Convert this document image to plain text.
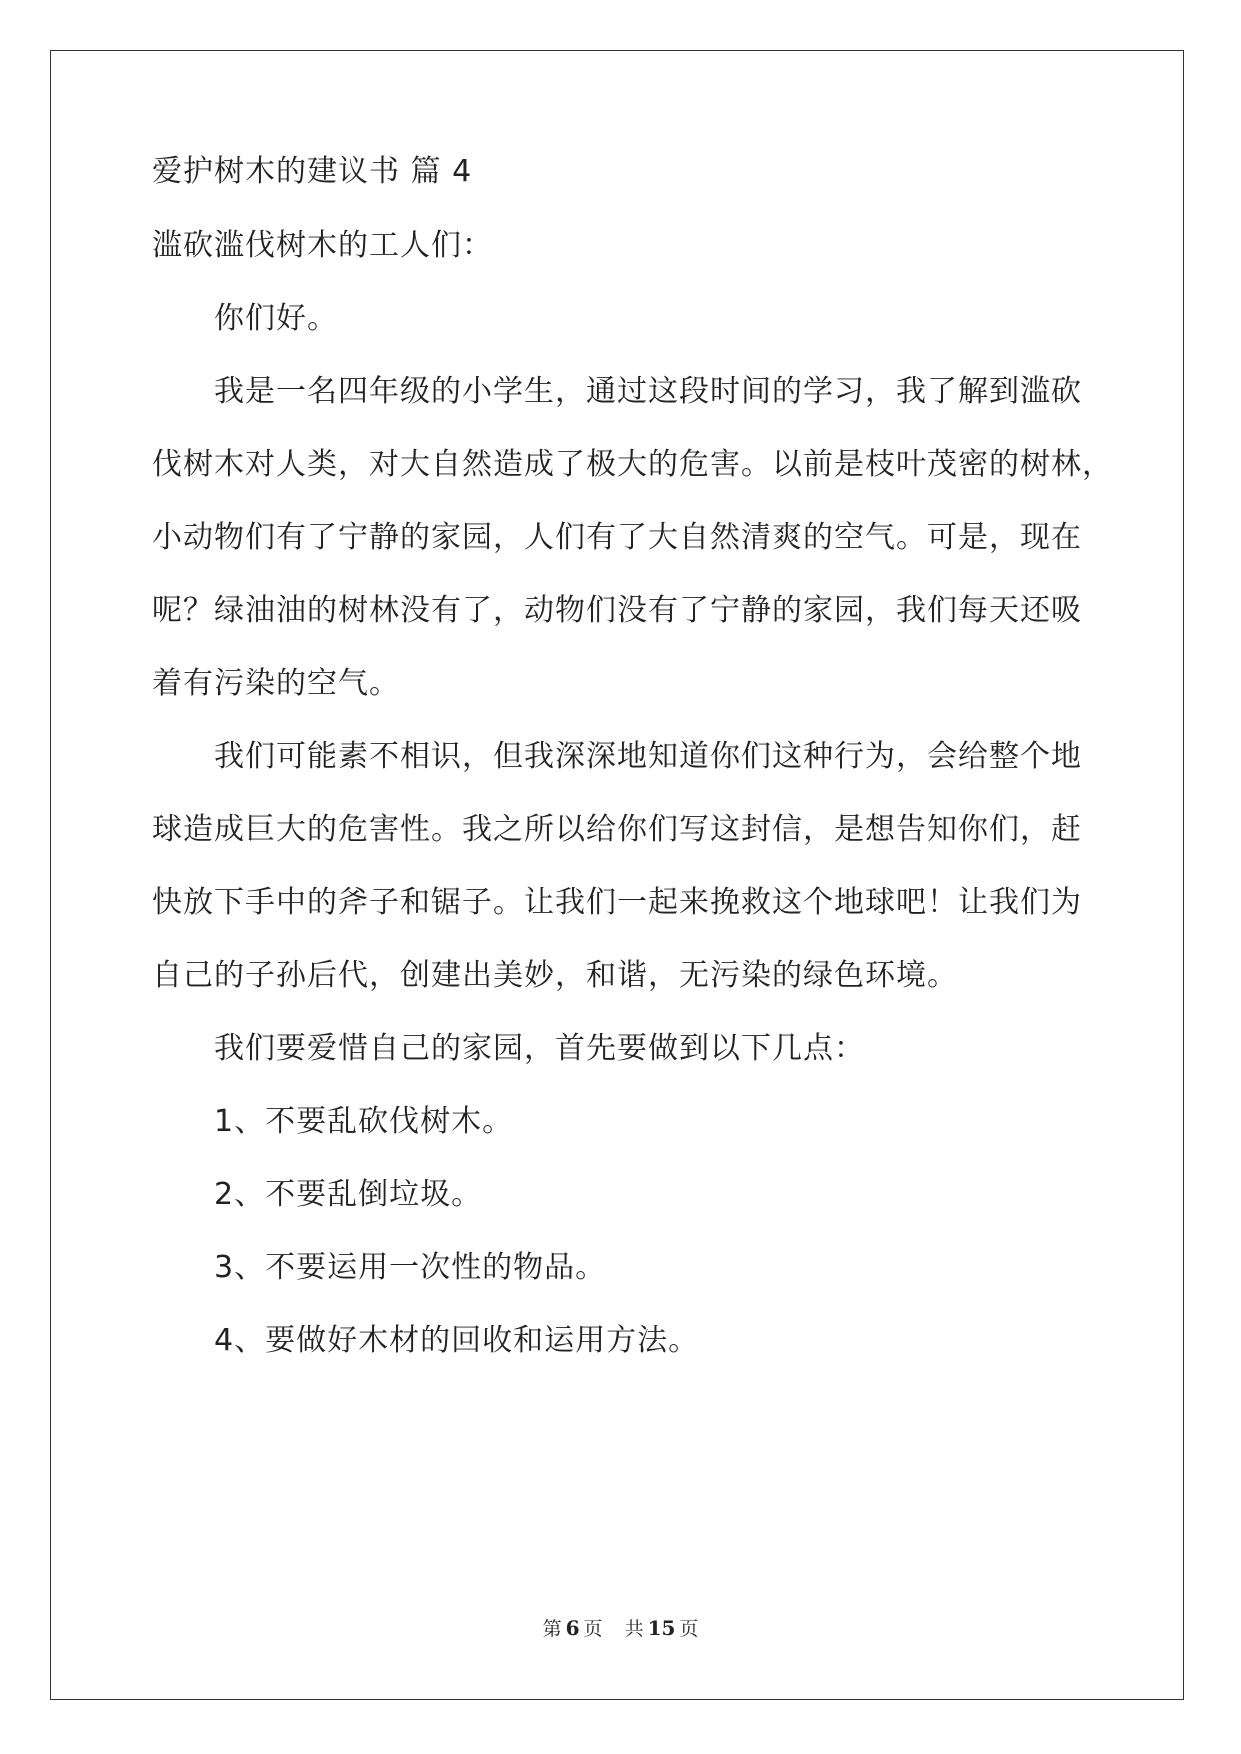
爱护树木的建议书 篇 4
滥砍滥伐树木的工人们：
你们好。
我是一名四年级的小学生，通过这段时间的学习，我了解到滥砍
伐树木对人类，对大自然造成了极大的危害。以前是枝叶茂密的树林，
小动物们有了宁静的家园，人们有了大自然清爽的空气。可是，现在
呢？绿油油的树林没有了，动物们没有了宁静的家园，我们每天还吸
着有污染的空气。
我们可能素不相识，但我深深地知道你们这种行为，会给整个地
球造成巨大的危害性。我之所以给你们写这封信，是想告知你们，赶
快放下手中的斧子和锯子。让我们一起来挽救这个地球吧！让我们为
自己的子孙后代，创建出美妙，和谐，无污染的绿色环境。
我们要爱惜自己的家园，首先要做到以下几点：
1、不要乱砍伐树木。
2、不要乱倒垃圾。
3、不要运用一次性的物品。
4、要做好木材的回收和运用方法。
第 6 页 共 15 页
